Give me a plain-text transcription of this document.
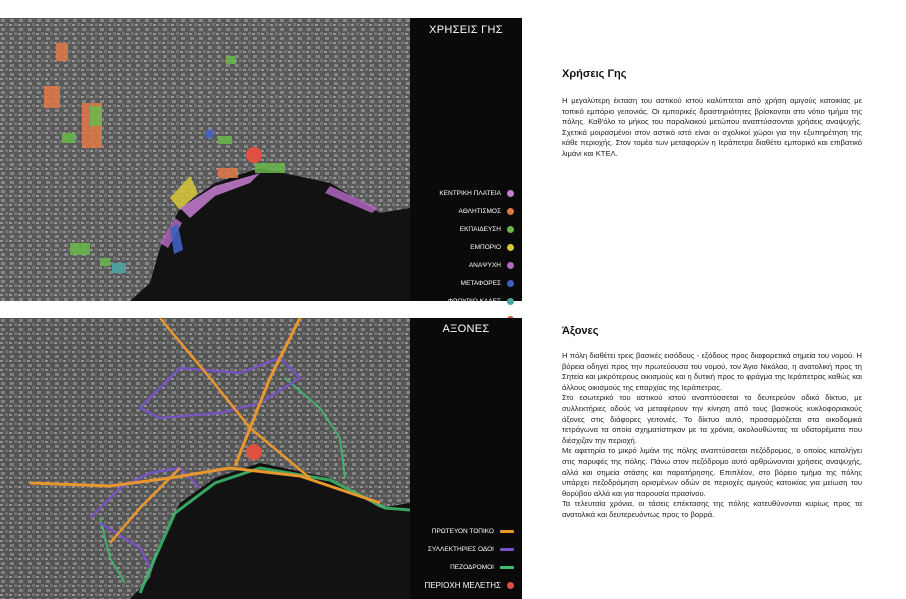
ΧΡΗΣΕΙΣ ΓΗΣ
ΚΕΝΤΡΙΚΗ ΠΛΑΤΕΙΑ
ΑΘΛΗΤΙΣΜΟΣ
ΕΚΠΑΙΔΕΥΣΗ
ΕΜΠΟΡΙΟ
ΑΝΑΨΥΧΗ
ΜΕΤΑΦΟΡΕΣ
ΦΡΟΥΡΙΟ ΚΑΛΕΣ
Χρήσεις Γης

Η μεγαλύτερη έκταση του αστικού ιστού καλύπτεται από χρήση αμιγούς κατοικίας με τοπικό εμπόριο γειτονιάς. Οι εμπορικές δραστηριότητες βρίσκονται στο νότιο τμήμα της πόλης. Καθ'όλο το μήκος του παραλιακού μετώπου αναπτύσσονται χρήσεις αναψυχής. Σχετικά μοιρασμένοι στον αστικό ιστό είναι οι σχολικοί χώροι για την εξυπηρέτηση της κάθε περιοχής. Στον τομέα των μεταφορών η Ιεράπετρα διαθέτει εμπορικό και επιβατικό λιμάνι και ΚΤΕΛ.

ΑΞΟΝΕΣ
ΠΡΩΤΕΥΟΝ ΤΟΠΙΚΟ
ΣΥΛΛΕΚΤΗΡΙΕΣ ΟΔΟΙ
ΠΕΖΟΔΡΟΜΟΙ
ΠΕΡΙΟΧΗ ΜΕΛΕΤΗΣ
Άξονες

Η πόλη διαθέτει τρεις βασικές εισόδους - εξόδους προς διαφορετικά σημεία του νομού. Η βόρεια οδηγεί προς την πρωτεύουσα του νομού, τον Άγιο Νικόλαο, η ανατολική προς τη Σητεία και μικρότερους οικισμούς και η δυτική προς το φράγμα της Ιεράπετρας καθώς και άλλους οικισμούς της επαρχίας της Ιεράπετρας.
Στο εσωτερικό του αστικού ιστού αναπτύσσεται το δευτερεύον οδικό δίκτυο, με συλλεκτήριες οδούς να μεταφέρουν την κίνηση από τους βασικούς κυκλοφοριακούς άξονες στις διάφορες γειτονιές. Το δίκτυο αυτό, προσαρμόζεται στα οικοδομικά τετράγωνα τα οποία σχηματίστηκαν με τα χρόνια, ακολουθώντας τα υδατορέματα που διέσχιζαν την περιοχή.
Με αφετηρία το μικρό λιμάνι της πόλης αναπτύσσεται πεζόδρομος, ο οποίος καταλήγει στις παρυφές της πόλης. Πάνω στον πεζόδρομο αυτό αρθρώνονται χρήσεις αναψυχής, αλλά και σημεία στάσης και παρατήρησης. Επιπλέον, στο βόρειο τμήμα της πόλης υπάρχει πεζοδρόμηση ορισμένων οδών σε περιοχές αμιγούς κατοικίας για μείωση του θορύβου αλλά και για παρουσία πρασίνου.
Τα τελευταία χρόνια, οι τάσεις επέκτασης της πόλης κατευθύνονται κυρίως προς τα ανατολικά και δευτερευόντως προς το βορρά.
